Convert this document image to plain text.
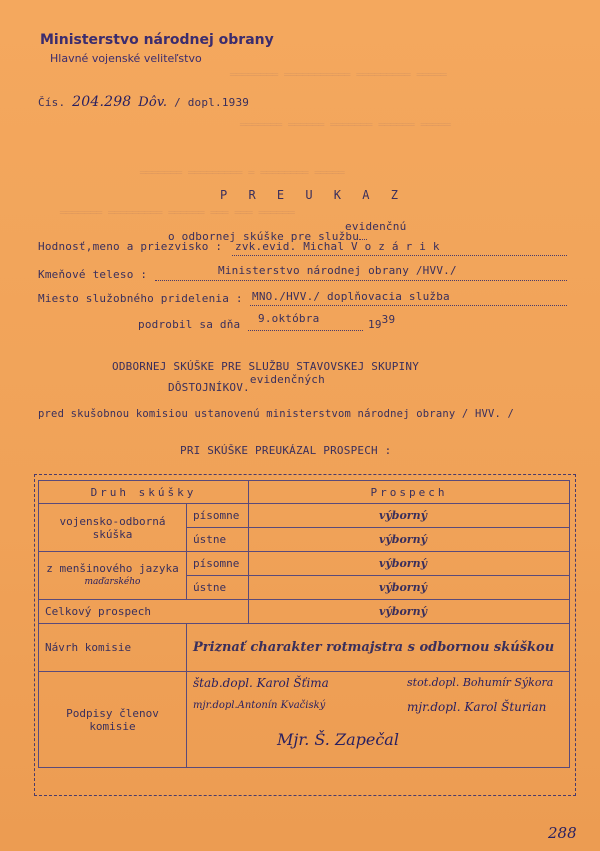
════════ ═══════════ ═════════ ═════
═══════ ══════ ═══════ ══════ ═════
═══════ ═════════ ═ ════════ ═════
═══════ ═════════ ══════ ═══ ═══ ══════
Ministerstvo národnej obrany
Hlavné vojenské veliteľstvo
Čís. 204.298 Dôv. / dopl.1939
P R E U K A Z
o odbornej skúške pre službu
evidenčnú
Hodnosť,meno a priezvisko : zvk.evid. Michal V o z á r i k
Kmeňové teleso :	Ministerstvo národnej obrany /HVV./
Miesto služobného pridelenia : MNO./HVV./ doplňovacia služba
podrobil sa dňa 9.októbra	1939
ODBORNEJ SKÚŠKE PRE SLUŽBU STAVOVSKEJ SKUPINY
DÔSTOJNÍKOV.evidenčných
pred skušobnou komisiou ustanovenú ministerstvom národnej obrany / HVV. /
PRI SKÚŠKE PREUKÁZAL PROSPECH :
Druh skúšky		Prospech
vojensko-odborná skúška	písomne	výborný
	ústne	výborný
z menšinového jazyka
maďarského	písomne	výborný
	ústne	výborný
Celkový prospech		výborný
Návrh komisie	Priznať charakter rotmajstra s odbornou skúškou	
Podpisy členov komisie	štab.dopl. Karol Šťima stot.dopl. Bohumír Sýkora
mjr.dopl.Antonín Kvačiský mjr.dopl. Karol Šturian
Mjr. Š. Zapečal	
288
